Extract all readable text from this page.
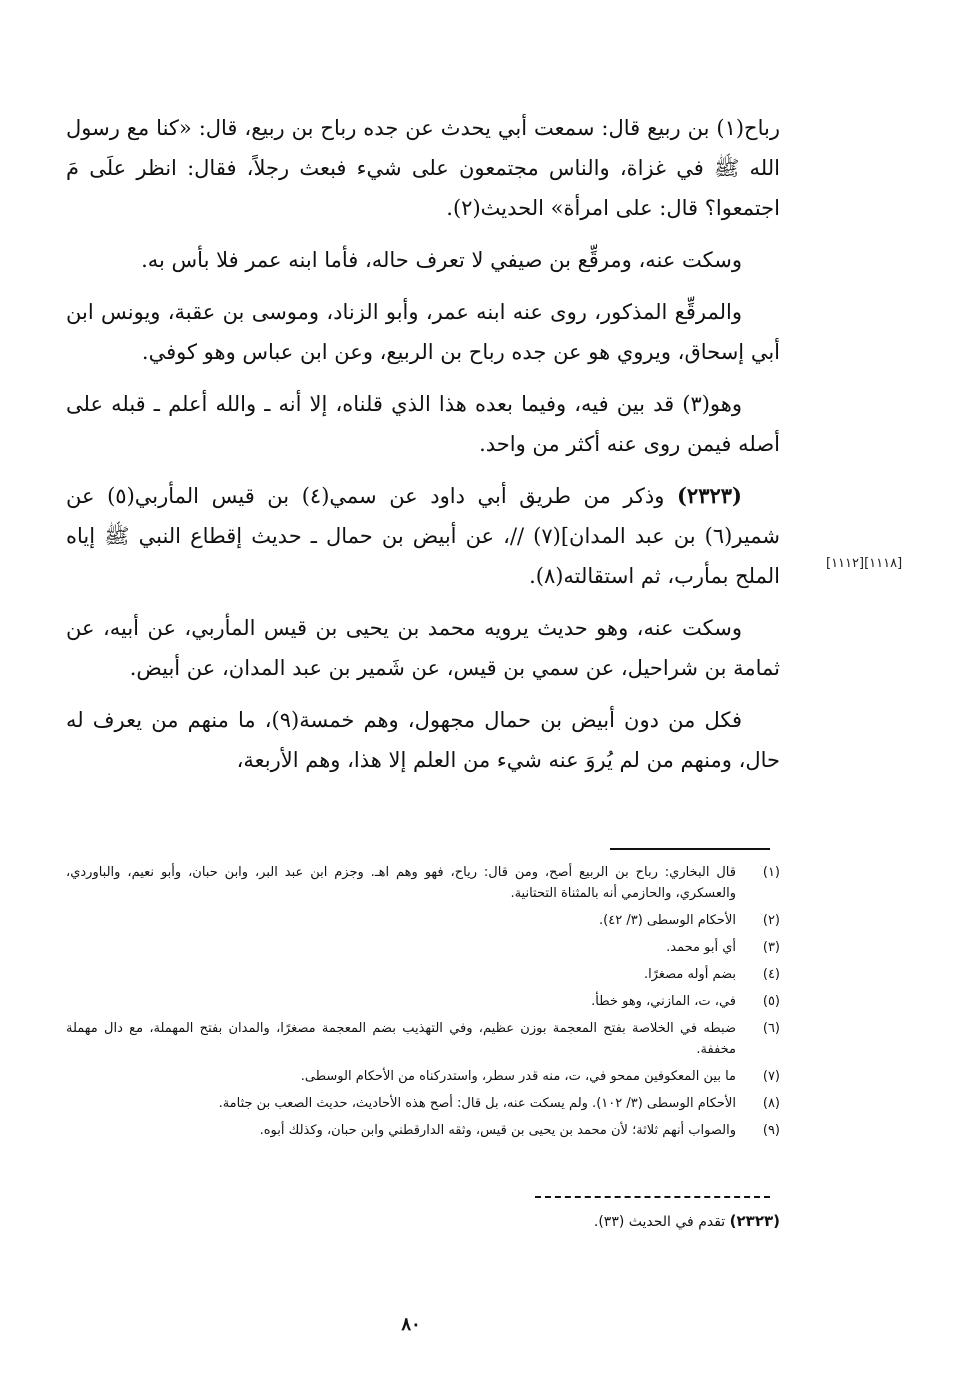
رباح(١) بن ربيع قال: سمعت أبي يحدث عن جده رباح بن ربيع، قال: «كنا مع رسول الله ﷺ في غزاة، والناس مجتمعون على شيء فبعث رجلاً، فقال: انظر علَى مَ اجتمعوا؟ قال: على امرأة» الحديث(٢).

وسكت عنه، ومرقِّع بن صيفي لا تعرف حاله، فأما ابنه عمر فلا بأس به.

والمرقِّع المذكور، روى عنه ابنه عمر، وأبو الزناد، وموسى بن عقبة، ويونس ابن أبي إسحاق، ويروي هو عن جده رباح بن الربيع، وعن ابن عباس وهو كوفي.

وهو(٣) قد بين فيه، وفيما بعده هذا الذي قلناه، إلا أنه ـ والله أعلم ـ قبله على أصله فيمن روى عنه أكثر من واحد.

(٢٣٢٣) وذكر من طريق أبي داود عن سمي(٤) بن قيس المأربي(٥) عن شمير(٦) بن عبد المدان](٧) //، عن أبيض بن حمال ـ حديث إقطاع النبي ﷺ إياه الملح بمأرب، ثم استقالته(٨).

وسكت عنه، وهو حديث يرويه محمد بن يحيى بن قيس المأربي، عن أبيه، عن ثمامة بن شراحيل، عن سمي بن قيس، عن شَمير بن عبد المدان، عن أبيض.

فكل من دون أبيض بن حمال مجهول، وهم خمسة(٩)، ما منهم من يعرف له حال، ومنهم من لم يُروَ عنه شيء من العلم إلا هذا، وهم الأربعة،

[١١١٨][١١١٢]
(١)
قال البخاري: رباح بن الربيع أصح، ومن قال: رياح، فهو وهم اهـ. وجزم ابن عبد البر، وابن حبان، وأبو نعيم، والباوردي، والعسكري، والحازمي أنه بالمثناة التحتانية.
(٢)
الأحكام الوسطى (٣/ ٤٢).
(٣)
أي أبو محمد.
(٤)
بضم أوله مصغرًا.
(٥)
في، ت، المازني، وهو خطأ.
(٦)
ضبطه في الخلاصة بفتح المعجمة بوزن عظيم، وفي التهذيب بضم المعجمة مصغرًا، والمدان بفتح المهملة، مع دال مهملة مخففة.
(٧)
ما بين المعكوفين ممحو في، ت، منه قدر سطر، واستدركناه من الأحكام الوسطى.
(٨)
الأحكام الوسطى (٣/ ١٠٢). ولم يسكت عنه، بل قال: أصح هذه الأحاديث، حديث الصعب بن جثامة.
(٩)
والصواب أنهم ثلاثة؛ لأن محمد بن يحيى بن قيس، وثقه الدارقطني وابن حبان، وكذلك أبوه.
(٢٣٢٣) تقدم في الحديث (٣٣).
٨٠
